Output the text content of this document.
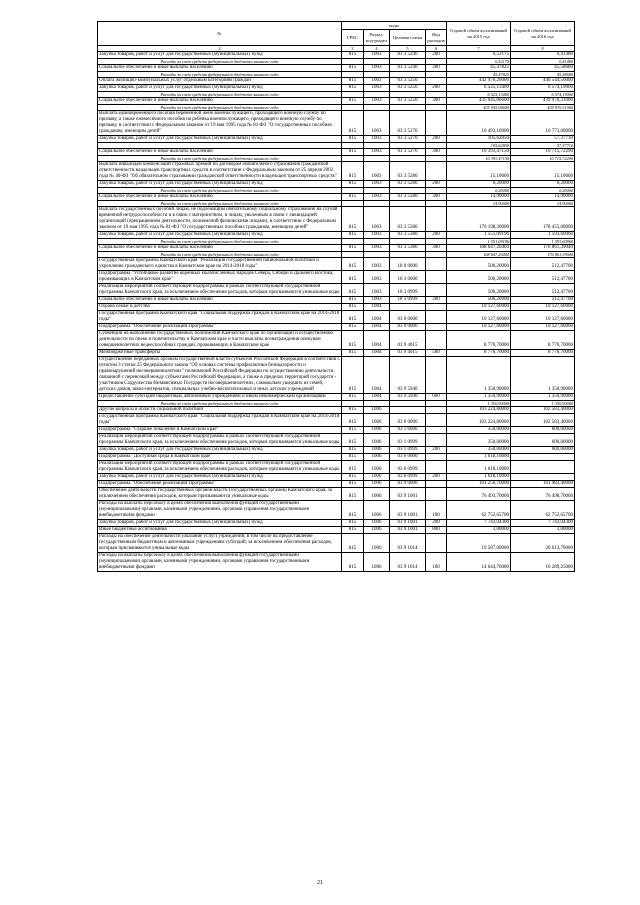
№	коды				Годовой объем ассигнований на 2015 год	Годовой объем ассигнований на 2016 год
	ГРБС	Раздел, под-раздел	Целевая статья	Вид расходов		
2	3	4	5	6	7	8
Закупка товаров, работ и услуг для государственных (муниципальных) нужд	815	1003	03 3 5240	200	0,52175	0,41480
Расходы за счет средств федерального бюджета мнимого года					0,52175	0,41480
Социальное обеспечение и иные выплаты населению	815	1003	03 3 5240	300	45,47825	45,58680
Расходы за счет средств федерального бюджета мнимого года					45,47825	45,58680
Оплата жилищно-коммунальных услуг отдельным категориям граждан	815	1003	03 3 5250		442 470,20000	446 544,50000
Закупка товаров, работ и услуг для государственных (муниципальных) нужд	815	1003	03 3 5250	200	6 525,13400	6 574,19000
Расходы за счет средств федерального бюджета мнимого года					6 525,13400	6 574,19000
Социальное обеспечение и иные выплаты населению	815	1003	03 3 5250	300	435 945,06600	439 970,31000
Расходы за счет средств федерального бюджета мнимого года					435 945,06600	439 970,31000
Выплата единовременного пособия беременной жене военнослужащего, проходящего военную службу по призыву, а также ежемесячного пособия на ребенка военнослужащего, проходящего военную службу по призыву, в соответствии с Федеральным законом от 19 мая 1995 года № 81-ФЗ "О государственных пособиях гражданам, имеющим детей"	815	1003	03 3 5270		10 493,10000	10 773,00000
Закупка товаров, работ и услуг для государственных (муниципальных) нужд	815	1003	03 3 5270	200	105,62850	57,37710
					105,62850	57,37710
Социальное обеспечение и иные выплаты населению	815	1003	03 3 5270	300	10 393,47150	10 715,72290
Расходы за счет средств федерального бюджета мнимого года					10 393,47150	10 715,72290
Выплата инвалидам компенсаций страховых премий по договорам обязательного страхования гражданской ответственности владельцев транспортных средств в соответствии с Федеральным законом от 25 апреля 2002 года № 40-ФЗ "Об обязательном страховании гражданской ответственности владельцев транспортных средств"	815	1003	03 3 5280		15,10000	15,10000
Закупка товаров, работ и услуг для государственных (муниципальных) нужд	815	1003	03 3 5280	200	0,20000	0,20000
Расходы за счет средств федерального бюджета мнимого года					0,20000	0,20000
Социальное обеспечение и иные выплаты населению	815	1003	03 3 5280	300	14,90000	14,90000
Расходы за счет средств федерального бюджета мнимого года					14,90000	14,90000
Выплата государственных пособий лицам, не подлежащим обязательному социальному страхованию на случай временной нетрудоспособности и в связи с материнством, и лицам, уволенным в связи с ликвидацией организаций (прекращением деятельности, полномочий физическими лицами), в соответствии с Федеральным законом от 19 мая 1995 года № 81-ФЗ "О государственных пособиях гражданам, имеющим детей"	815	1003	03 3 5380		170 198,30000	178 455,00000
Закупка товаров, работ и услуг для государственных (муниципальных) нужд	815	1003	03 3 5380	200	1 551,09196	1 593,60960
Расходы за счет средств федерального бюджета мнимого года					1 551,09196	1 593,60960
Социальное обеспечение и иные выплаты населению	815	1003	03 3 5380	300	168 647,20404	176 861,39040
Расходы за счет средств федерального бюджета мнимого года					168 647,20404	176 861,39040
Государственная программа Камчатского края "Реализация государственной национальной политики и укрепление гражданского единства в Камчатском крае на 2014-2018 годы"	815	1003	18 0 0000		506,20000	512,47700
Подпрограмма "Устойчивое развитие коренных малочисленных народов Севера, Сибири и Дальнего Востока, проживающих в Камчатском крае"	815	1003	18 3 0000		506,20000	512,47700
Реализация мероприятий соответствующей подпрограммы в рамках соответствующей государственной программы Камчатского края, за исключением обеспечения расходов, которым присваиваются уникальные коды	815	1003	18 3 0999		506,20000	512,47700
Социальное обеспечение и иные выплаты населению	815	1003	18 3 0999	300	506,20000	512,47700
Охрана семьи и детства	815	1004			10 127,60000	10 127,60000
Государственная программа Камчатского края "Социальная поддержка граждан в Камчатском крае на 2014-2018 годы"	815	1004	03 0 0000		10 127,60000	10 127,60000
Подпрограмма "Обеспечение реализации Программы"	815	1004	03 9 0000		10 127,60000	10 127,60000
Субвенции на выполнение государственных полномочий Камчатского края по организации и осуществлению деятельности по опеке и попечительству в Камчатском крае и части выплаты вознаграждения опекунам совершеннолетних недееспособных граждан, проживающих в Камчатском крае	815	1004	03 9 4015		8 776,70000	8 776,70000
Межбюджетные трансферты	815	1004	03 9 4015	500	8 776,70000	8 776,70000
Осуществление переданных органам государственной власти субъектов Российской Федерации в соответствии с пунктом 3 статьи 25 Федерального закона "Об основах системы профилактики безнадзорности и правонарушений несовершеннолетних" полномочий Российской Федерации по осуществлению деятельности, связанной с перевозкой между субъектами Российской Федерации, а также в пределах территорий государств - участников Содружества Независимых Государств несовершеннолетних, самовольно ушедших из семей, детских домов, школ-интернатов, специальных учебно-воспитательных и иных детских учреждений	815	1004	03 9 5940		1 350,90000	1 350,90000
Предоставление субсидий бюджетным, автономным учреждениям и иным некоммерческим организациям	815	1004	03 9 5940	600	1 350,90000	1 350,90000
Расходы за счет средств федерального бюджета мнимого года					1 350,90000	1 350,90000
Другие вопросы в области социальной политики	815	1006			103 224,80000	102 583,40000
Государственная программа Камчатского края "Социальная поддержка граждан в Камчатском крае на 2014-2018 годы"	815	1006	03 0 0000		103 224,80000	102 583,40000
Подпрограмма "Старшее поколение в Камчатском крае"	815	1006	03 1 0000		350,00000	600,00000
Реализация мероприятий соответствующей подпрограммы в рамках соответствующей государственной программы Камчатского края, за исключением обеспечения расходов, которым присваиваются уникальные коды	815	1006	03 1 0999		350,00000	600,00000
Закупка товаров, работ и услуг для государственных (муниципальных) нужд	815	1006	03 1 0999	200	350,00000	600,00000
Подпрограмма "Доступная среда в Камчатском крае"	815	1006	03 6 0000		1 618,10000	
Реализация мероприятий соответствующей подпрограммы в рамках соответствующей государственной программы Камчатского края, за исключением обеспечения расходов, которым присваиваются уникальные коды	815	1006	03 6 0999		1 618,10000	
Закупка товаров, работ и услуг для государственных (муниципальных) нужд	815	1006	03 6 0999	200	1 618,10000	
Подпрограмма "Обеспечение реализации Программы"	815	1006	03 9 0000		101 256,70000	101 983,40000
Обеспечение деятельности государственных органов власти (государственных органов) Камчатского края, за исключением обеспечения расходов, которым присваиваются уникальные коды	815	1006	03 9 1001		76 493,70000	76 498,70000
Расходы на выплаты персоналу в целях обеспечения выполнения функций государственными (муниципальными) органами, казенными учреждениями, органами управления государственными внебюджетными фондами	815	1006	03 9 1001	100	62 752,65700	62 752,65700
Закупка товаров, работ и услуг для государственных (муниципальных) нужд	815	1006	03 9 1001	200	7 743,04300	7 743,04300
Иные бюджетные ассигнования	815	1006	03 9 1001	800	3,00000	3,00000
Расходы на обеспечение деятельности (оказание услуг) учреждений, в том числе на предоставление государственным бюджетным и автономным учреждениям субсидий, за исключением обеспечения расходов, которым присваиваются уникальные коды	815	1006	03 9 1014		19 587,00000	20 613,70000
Расходы на выплаты персоналу в целях обеспечения выполнения функций государственными (муниципальными) органами, казенными учреждениями, органами управления государственными внебюджетными фондами	815	1006	03 9 1014	100	14 644,76000	16 289,25000
21
